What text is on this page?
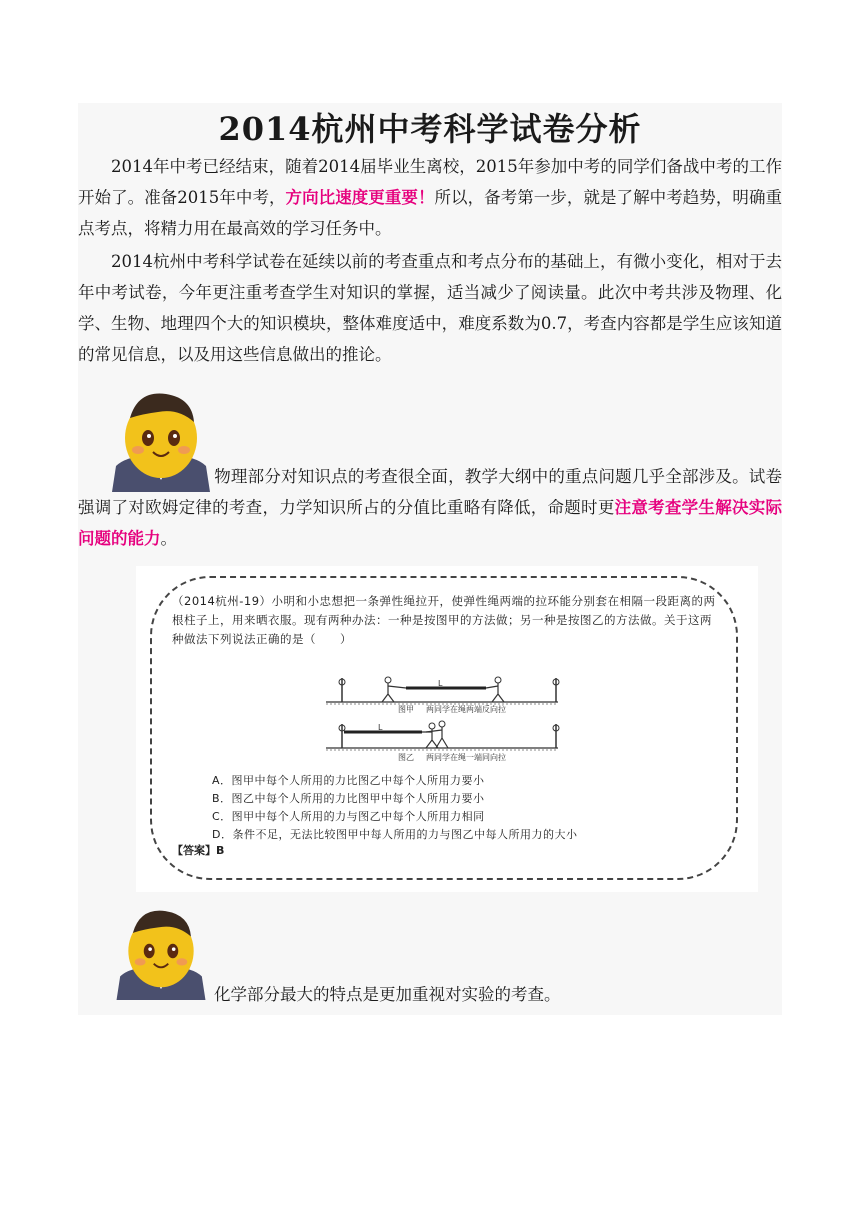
2014杭州中考科学试卷分析

2014年中考已经结束，随着2014届毕业生离校，2015年参加中考的同学们备战中考的工作开始了。准备2015年中考，方向比速度更重要！所以，备考第一步，就是了解中考趋势，明确重点考点，将精力用在最高效的学习任务中。

2014杭州中考科学试卷在延续以前的考查重点和考点分布的基础上，有微小变化，相对于去年中考试卷，今年更注重考查学生对知识的掌握，适当减少了阅读量。此次中考共涉及物理、化学、生物、地理四个大的知识模块，整体难度适中，难度系数为0.7，考查内容都是学生应该知道的常见信息，以及用这些信息做出的推论。

物理部分对知识点的考查很全面，教学大纲中的重点问题几乎全部涉及。试卷强调了对欧姆定律的考查，力学知识所占的分值比重略有降低，命题时更注意考查学生解决实际问题的能力。

（2014杭州-19）小明和小忠想把一条弹性绳拉开，使弹性绳两端的拉环能分别套在相隔一段距离的两根柱子上，用来晒衣服。现有两种办法：一种是按图甲的方法做；另一种是按图乙的方法做。关于这两种做法下列说法正确的是（　　）
L
图甲 两同学在绳两端反向拉
L
图乙 两同学在绳一端同向拉
A．图甲中每个人所用的力比图乙中每个人所用力要小
B．图乙中每个人所用的力比图甲中每个人所用力要小
C．图甲中每个人所用的力与图乙中每个人所用力相同
D．条件不足，无法比较图甲中每人所用的力与图乙中每人所用力的大小
【答案】B

化学部分最大的特点是更加重视对实验的考查。
